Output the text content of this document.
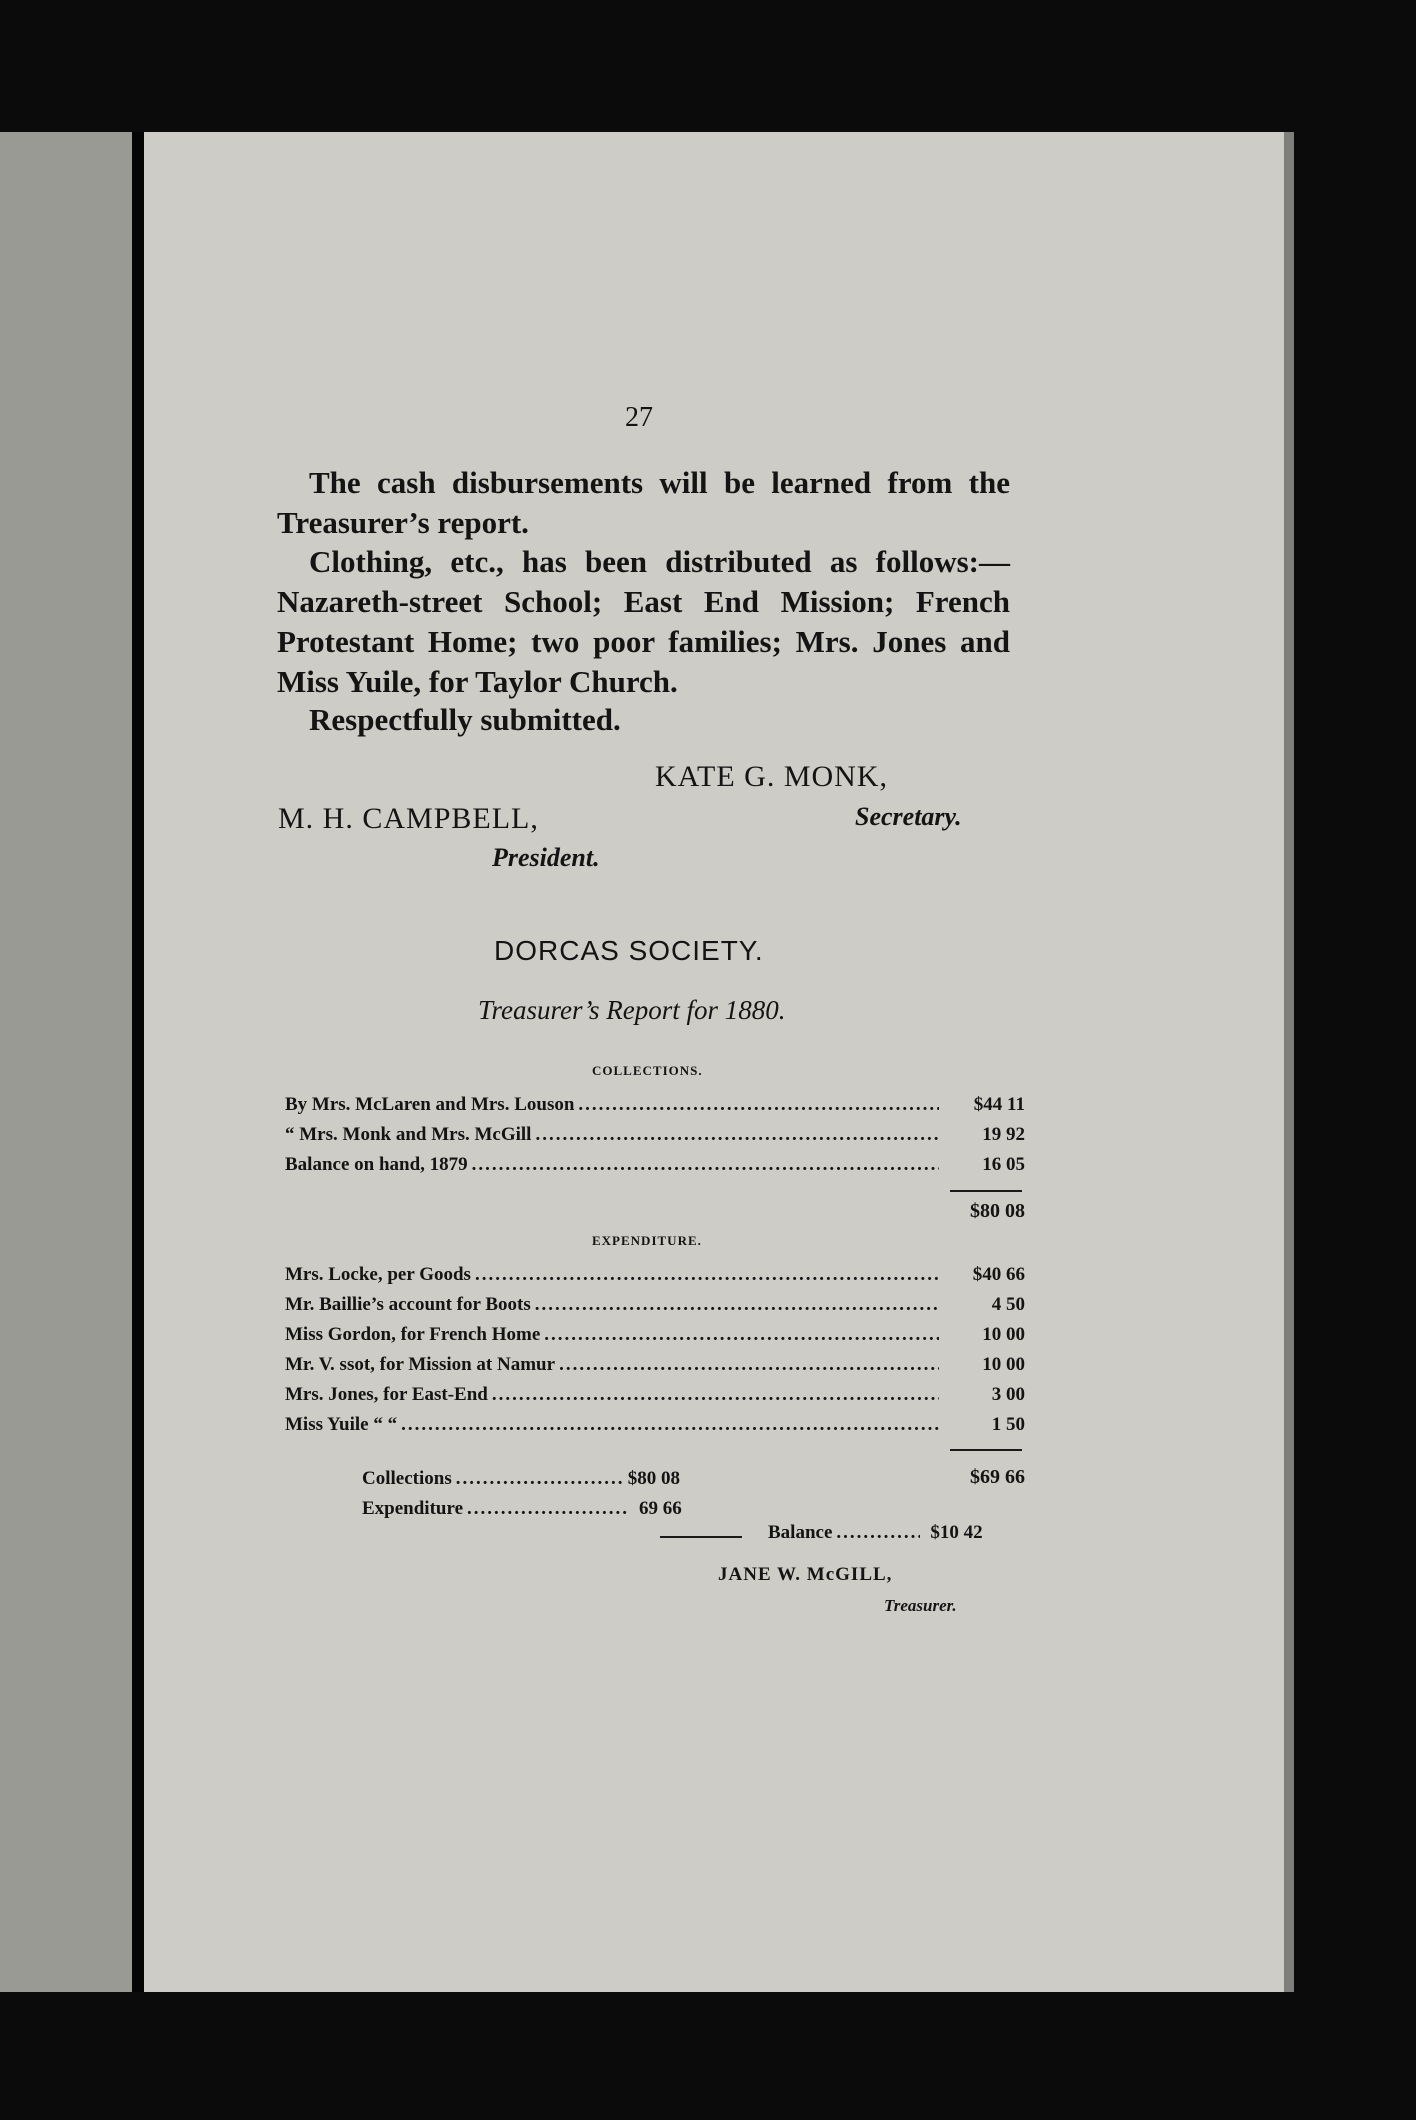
27
The cash disbursements will be learned from the Treasurer’s report.
Clothing, etc., has been distributed as follows:— Nazareth-street School; East End Mission; French Protestant Home; two poor families; Mrs. Jones and Miss Yuile, for Taylor Church.
Respectfully submitted.
KATE G. MONK,
Secretary.
M. H. CAMPBELL,
President.
DORCAS SOCIETY.
Treasurer’s Report for 1880.
COLLECTIONS.
By Mrs. McLaren and Mrs. Louson .....	$44 11
“ Mrs. Monk and Mrs. McGill .....	19 92
Balance on hand, 1879 .....	16 05
$80 08
EXPENDITURE.
Mrs. Locke, per Goods .....	$40 66
Mr. Baillie’s account for Boots .....	4 50
Miss Gordon, for French Home .....	10 00
Mr. V. ssot, for Mission at Namur .....	10 00
Mrs. Jones, for East-End .....	3 00
Miss Yuile “ “ .....	1 50
$69 66
Collections .....	$80 08
Expenditure .....	69 66
Balance .....	$10 42
JANE W. McGILL,
Treasurer.
